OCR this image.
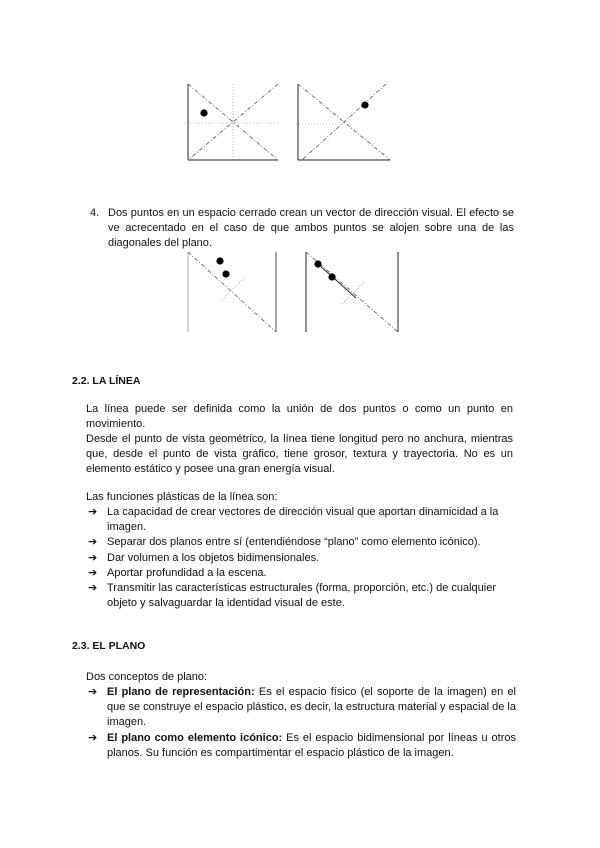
4. Dos puntos en un espacio cerrado crean un vector de dirección visual. El efecto se ve acrecentado en el caso de que ambos puntos se alojen sobre una de las diagonales del plano.
2.2. LA LÍNEA

La línea puede ser definida como la unión de dos puntos o como un punto en movimiento.

Desde el punto de vista geométrico, la línea tiene longitud pero no anchura, mientras que, desde el punto de vista gráfico, tiene grosor, textura y trayectoria. No es un elemento estático y posee una gran energía visual.

Las funciones plásticas de la línea son:

➔ La capacidad de crear vectores de dirección visual que aportan dinamicidad a la imagen.
➔ Separar dos planos entre sí (entendiéndose “plano” como elemento icónico).
➔ Dar volumen a los objetos bidimensionales.
➔ Aportar profundidad a la escena.
➔ Transmitir las características estructurales (forma, proporción, etc.) de cualquier objeto y salvaguardar la identidad visual de este.
2.3. EL PLANO

Dos conceptos de plano:

➔ El plano de representación: Es el espacio físico (el soporte de la imagen) en el que se construye el espacio plástico, es decir, la estructura material y espacial de la imagen.
➔ El plano como elemento icónico: Es el espacio bidimensional por líneas u otros planos. Su función es compartimentar el espacio plástico de la imagen.
